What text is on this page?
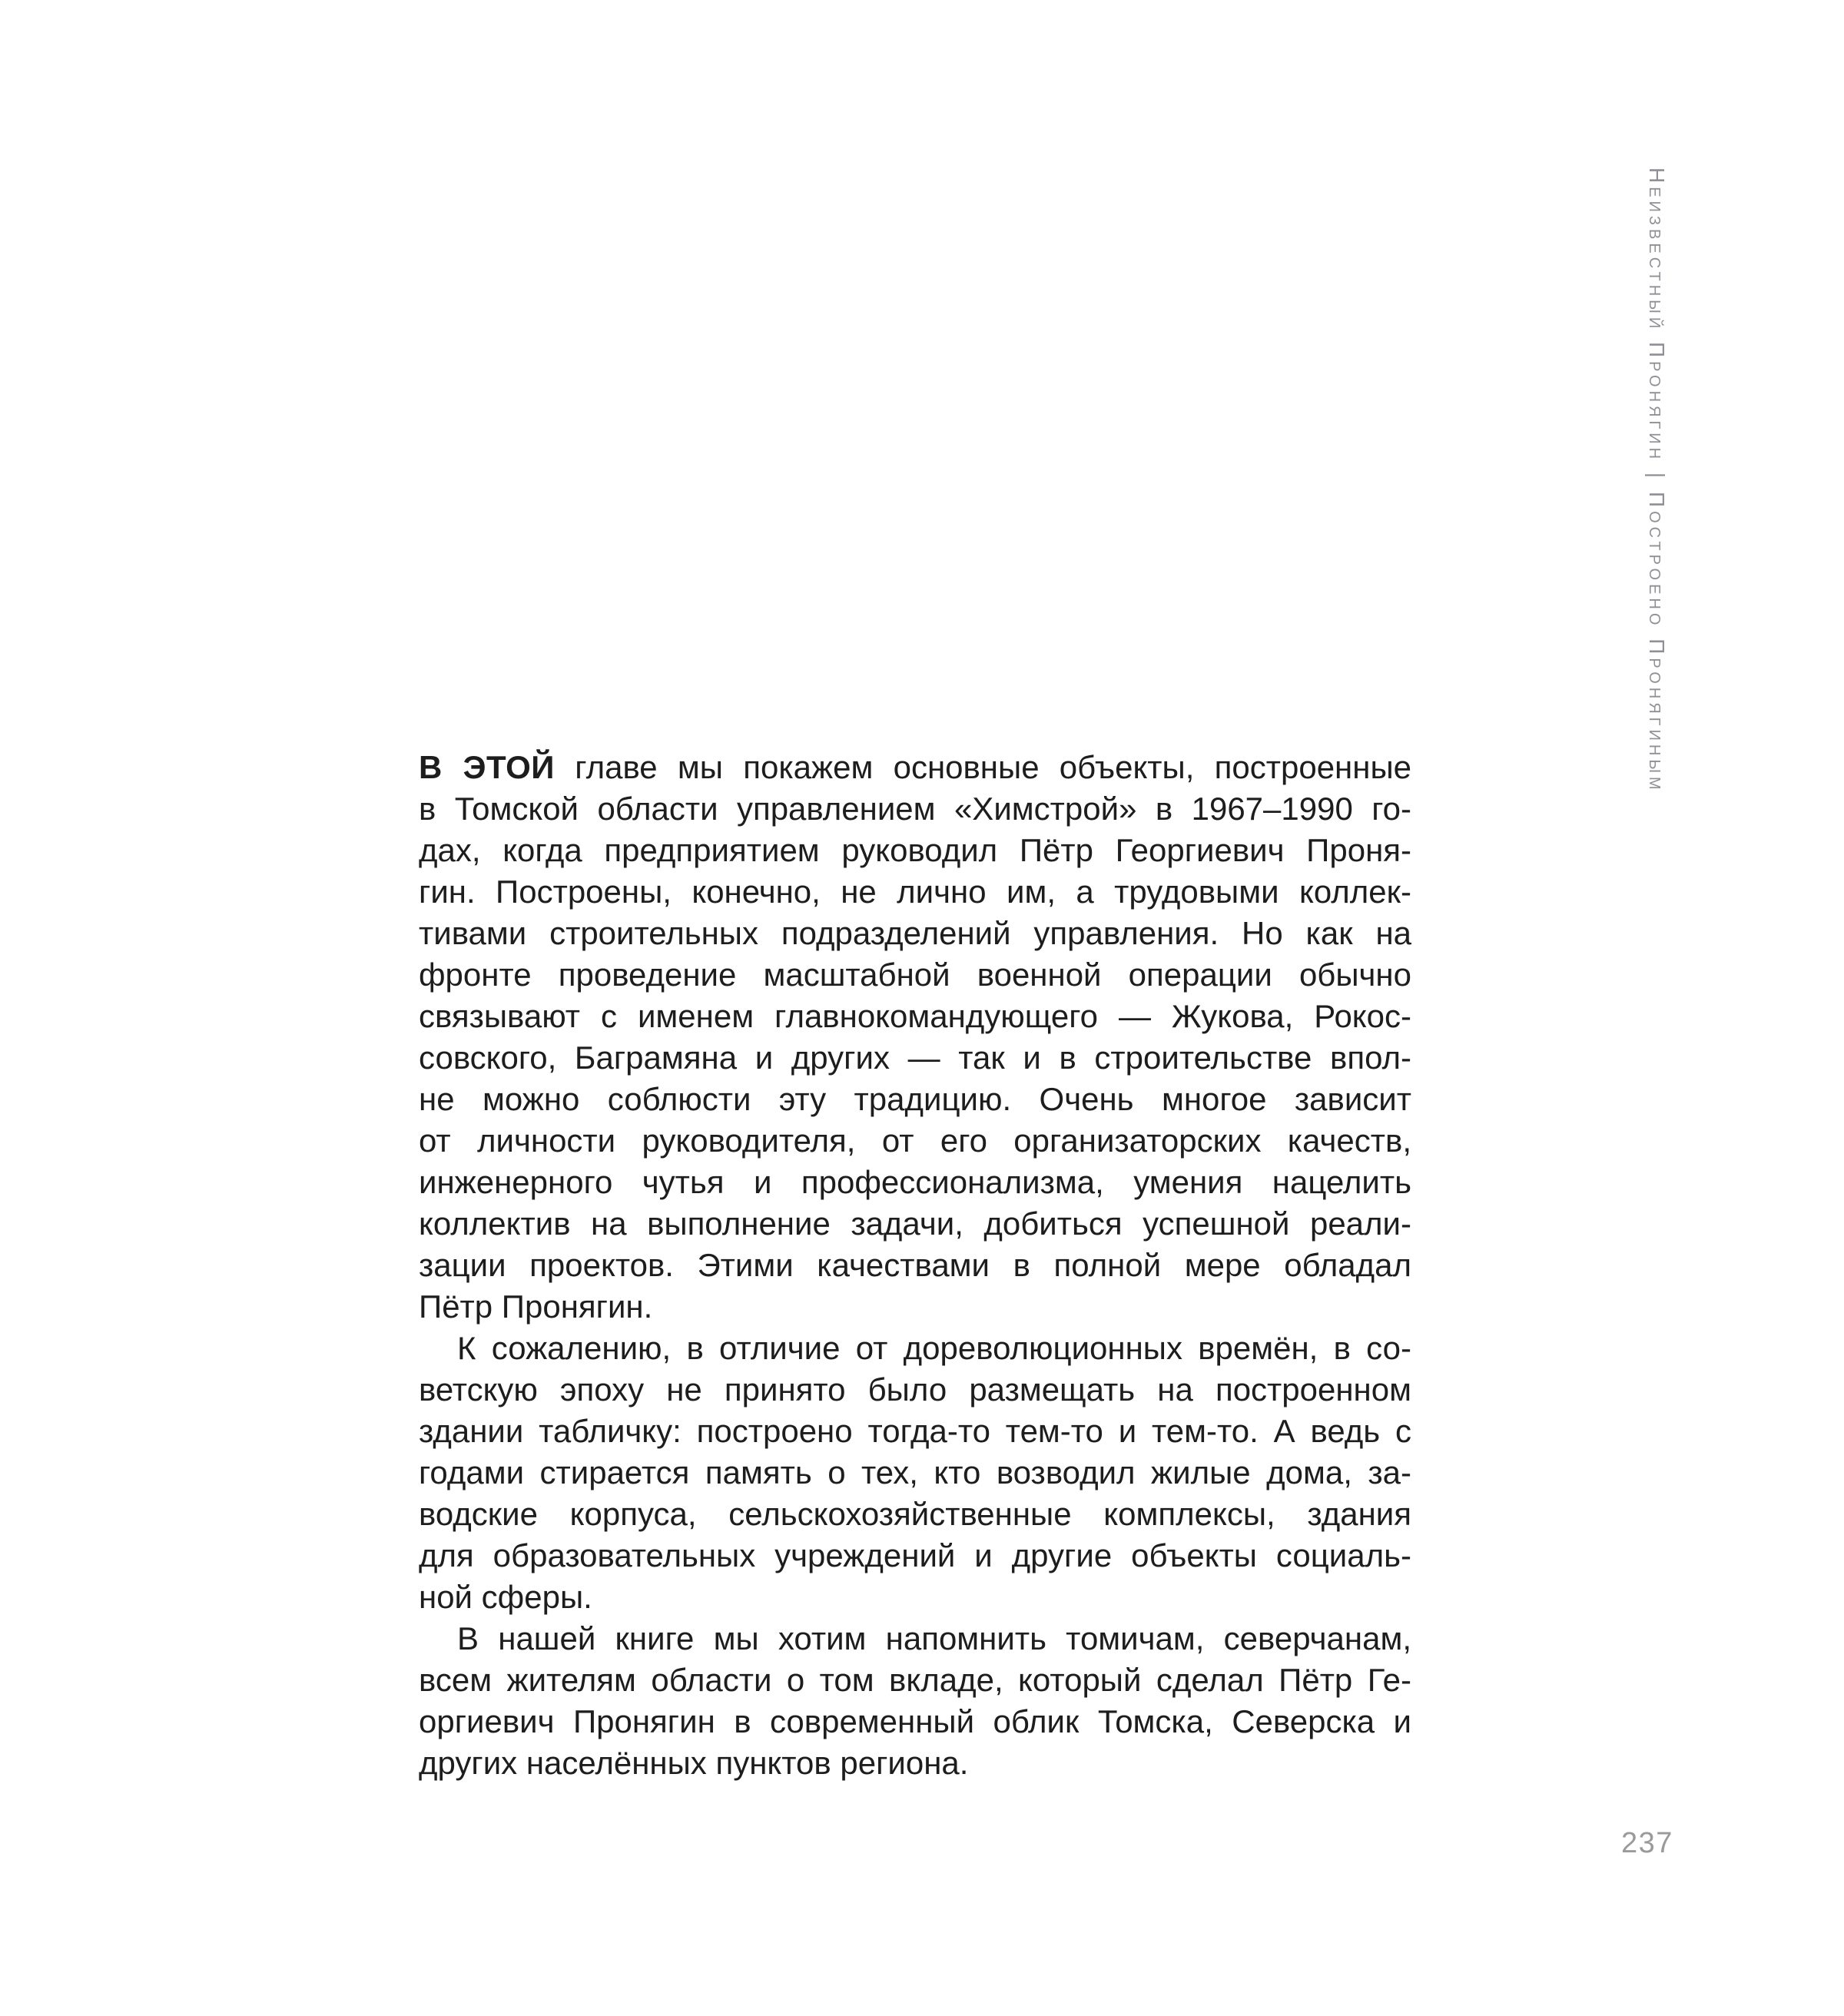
Неизвестный Пронягин | Построено Пронягиным
В ЭТОЙ главе мы покажем основные объекты, построенные
в Томской области управлением «Химстрой» в 1967–1990 го-
дах, когда предприятием руководил Пётр Георгиевич Проня-
гин. Построены, конечно, не лично им, а трудовыми коллек-
тивами строительных подразделений управления. Но как на
фронте проведение масштабной военной операции обычно
связывают с именем главнокомандующего — Жукова, Рокос-
совского, Баграмяна и других — так и в строительстве впол-
не можно соблюсти эту традицию. Очень многое зависит
от личности руководителя, от его организаторских качеств,
инженерного чутья и профессионализма, умения нацелить
коллектив на выполнение задачи, добиться успешной реали-
зации проектов. Этими качествами в полной мере обладал
Пётр Пронягин.
К сожалению, в отличие от дореволюционных времён, в со-
ветскую эпоху не принято было размещать на построенном
здании табличку: построено тогда-то тем-то и тем-то. А ведь с
годами стирается память о тех, кто возводил жилые дома, за-
водские корпуса, сельскохозяйственные комплексы, здания
для образовательных учреждений и другие объекты социаль-
ной сферы.
В нашей книге мы хотим напомнить томичам, северчанам,
всем жителям области о том вкладе, который сделал Пётр Ге-
оргиевич Пронягин в современный облик Томска, Северска и
других населённых пунктов региона.
237
